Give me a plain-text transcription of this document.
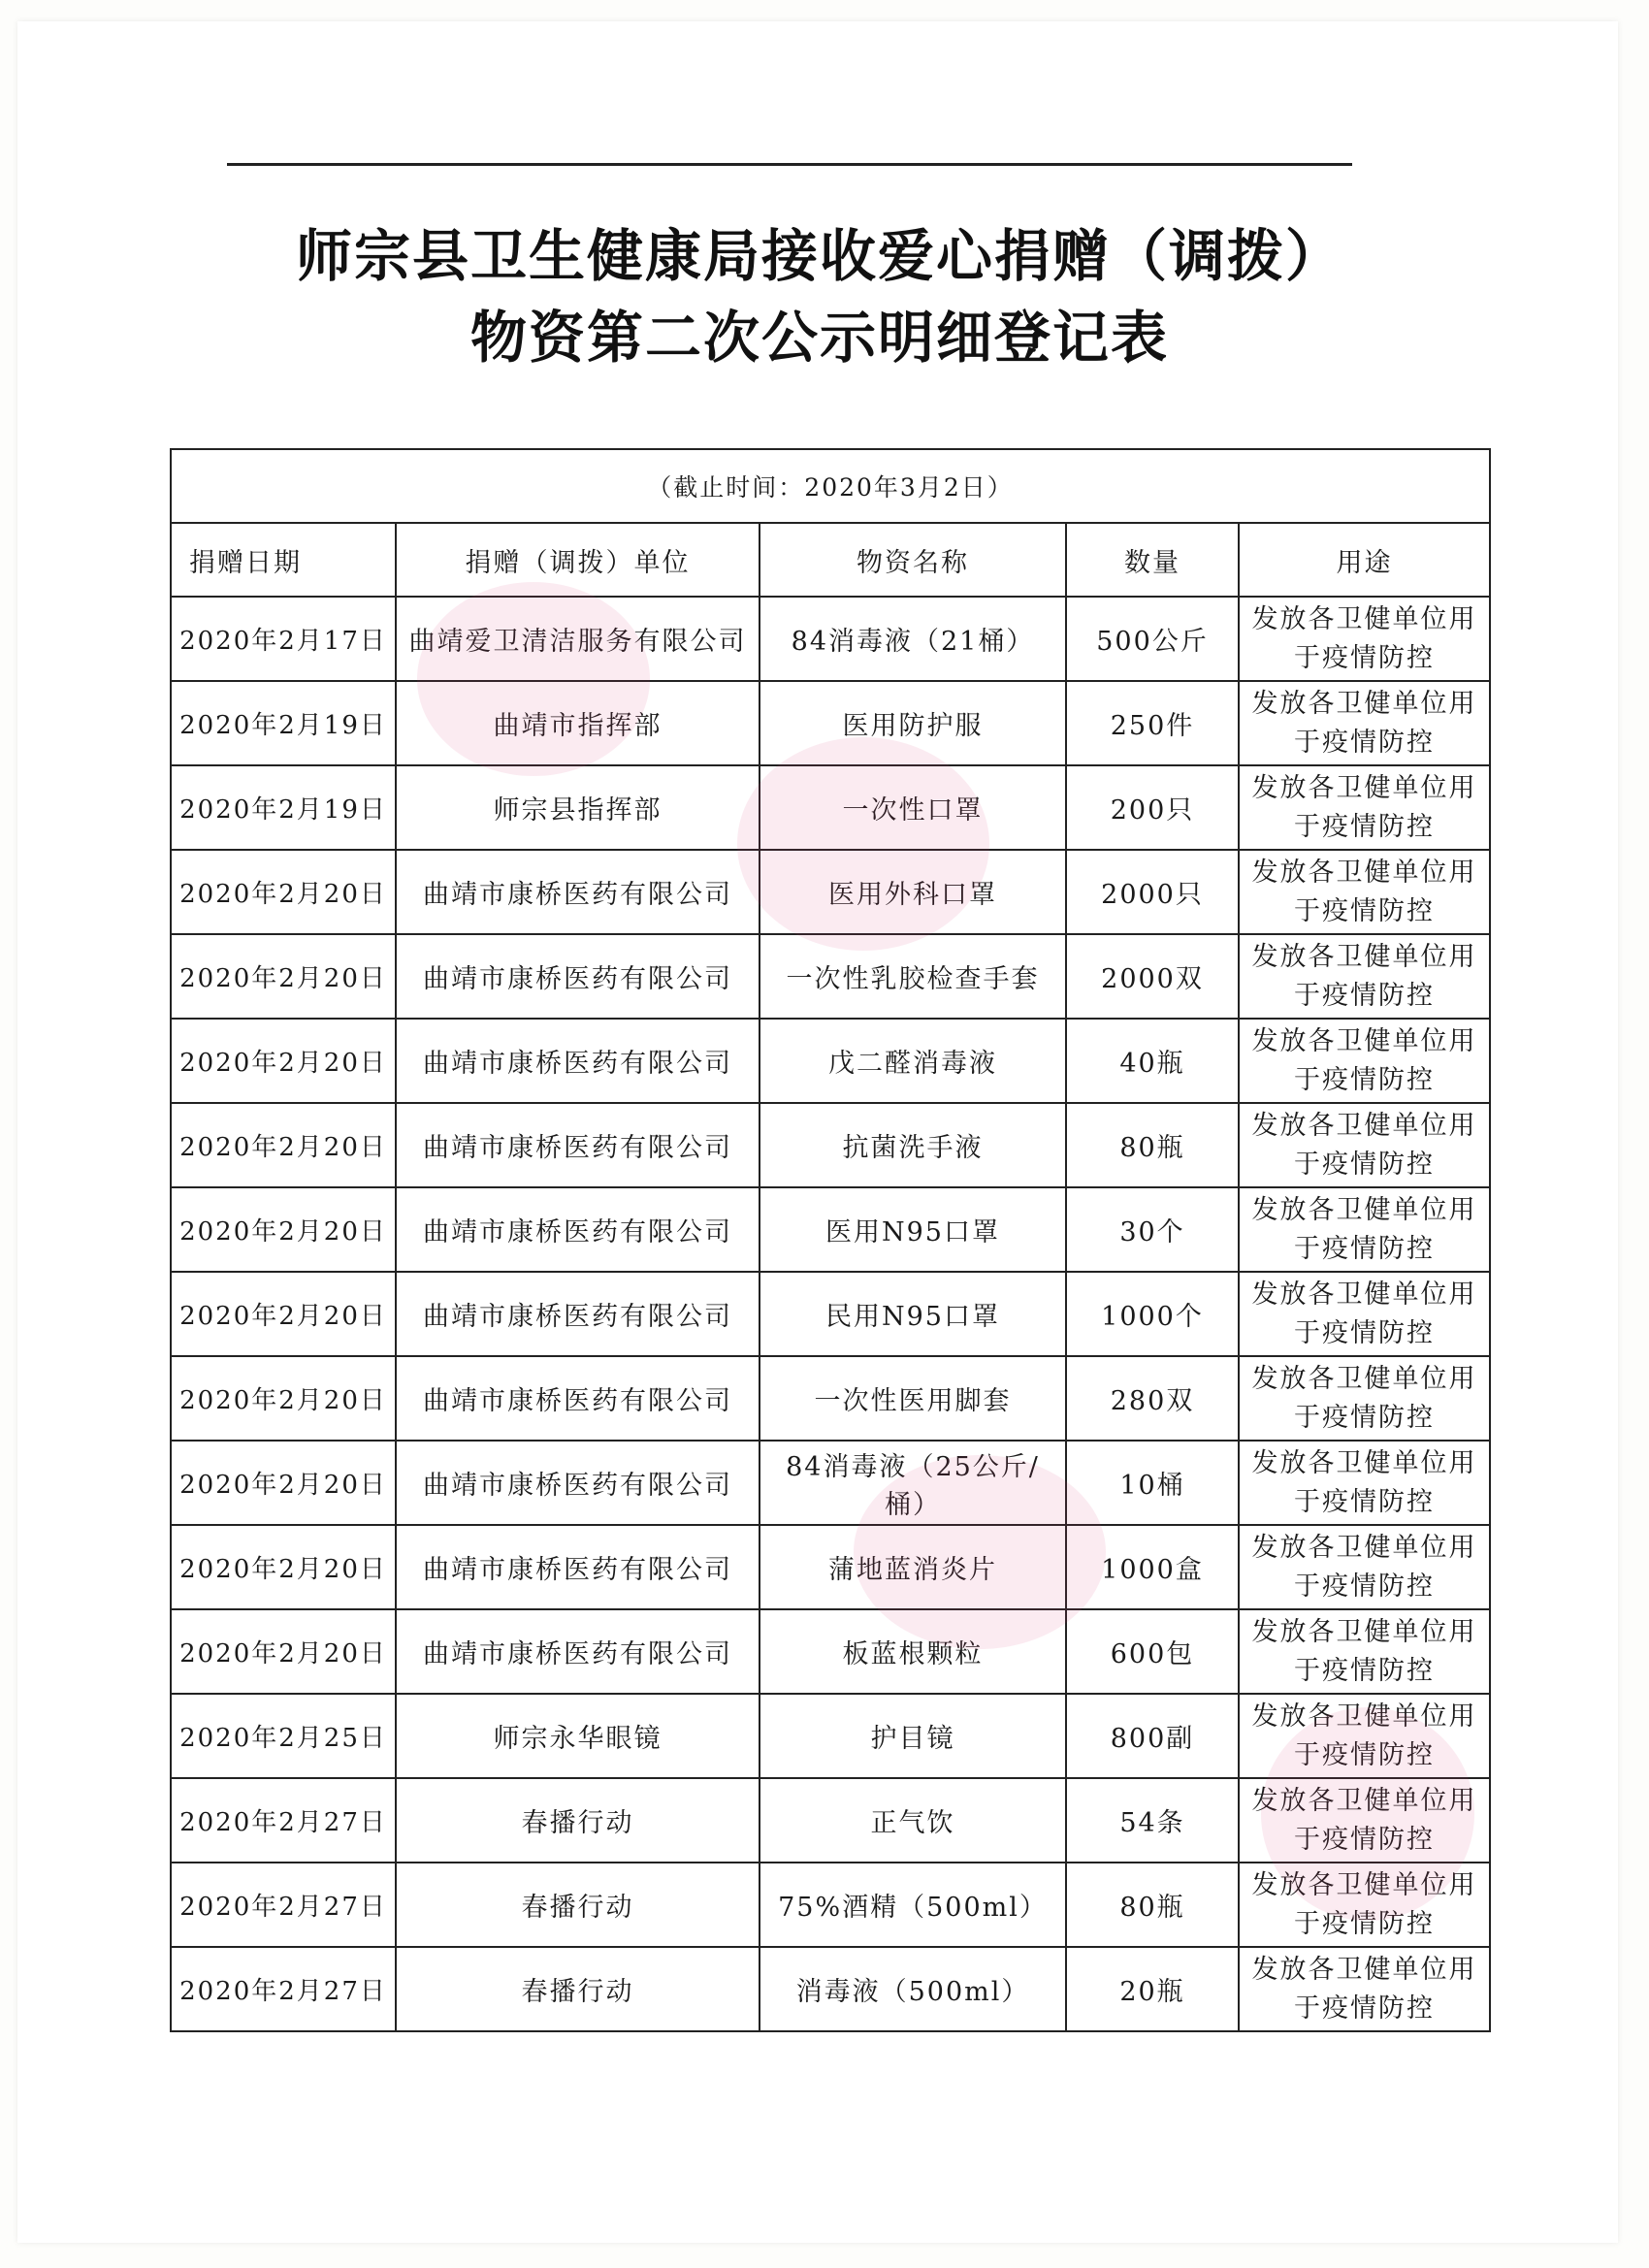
师宗县卫生健康局接收爱心捐赠（调拨）
物资第二次公示明细登记表
（截止时间：2020年3月2日）				
捐赠日期	捐赠（调拨）单位	物资名称	数量	用途
2020年2月17日	曲靖爱卫清洁服务有限公司	84消毒液（21桶）	500公斤	发放各卫健单位用
于疫情防控

2020年2月19日	曲靖市指挥部	医用防护服	250件	发放各卫健单位用
于疫情防控

2020年2月19日	师宗县指挥部	一次性口罩	200只	发放各卫健单位用
于疫情防控

2020年2月20日	曲靖市康桥医药有限公司	医用外科口罩	2000只	发放各卫健单位用
于疫情防控

2020年2月20日	曲靖市康桥医药有限公司	一次性乳胶检查手套	2000双	发放各卫健单位用
于疫情防控

2020年2月20日	曲靖市康桥医药有限公司	戊二醛消毒液	40瓶	发放各卫健单位用
于疫情防控

2020年2月20日	曲靖市康桥医药有限公司	抗菌洗手液	80瓶	发放各卫健单位用
于疫情防控

2020年2月20日	曲靖市康桥医药有限公司	医用N95口罩	30个	发放各卫健单位用
于疫情防控

2020年2月20日	曲靖市康桥医药有限公司	民用N95口罩	1000个	发放各卫健单位用
于疫情防控

2020年2月20日	曲靖市康桥医药有限公司	一次性医用脚套	280双	发放各卫健单位用
于疫情防控

2020年2月20日	曲靖市康桥医药有限公司	84消毒液（25公斤/桶）	10桶	发放各卫健单位用
于疫情防控

2020年2月20日	曲靖市康桥医药有限公司	蒲地蓝消炎片	1000盒	发放各卫健单位用
于疫情防控

2020年2月20日	曲靖市康桥医药有限公司	板蓝根颗粒	600包	发放各卫健单位用
于疫情防控

2020年2月25日	师宗永华眼镜	护目镜	800副	发放各卫健单位用
于疫情防控

2020年2月27日	春播行动	正气饮	54条	发放各卫健单位用
于疫情防控

2020年2月27日	春播行动	75%酒精（500ml）	80瓶	发放各卫健单位用
于疫情防控

2020年2月27日	春播行动	消毒液（500ml）	20瓶	发放各卫健单位用
于疫情防控
